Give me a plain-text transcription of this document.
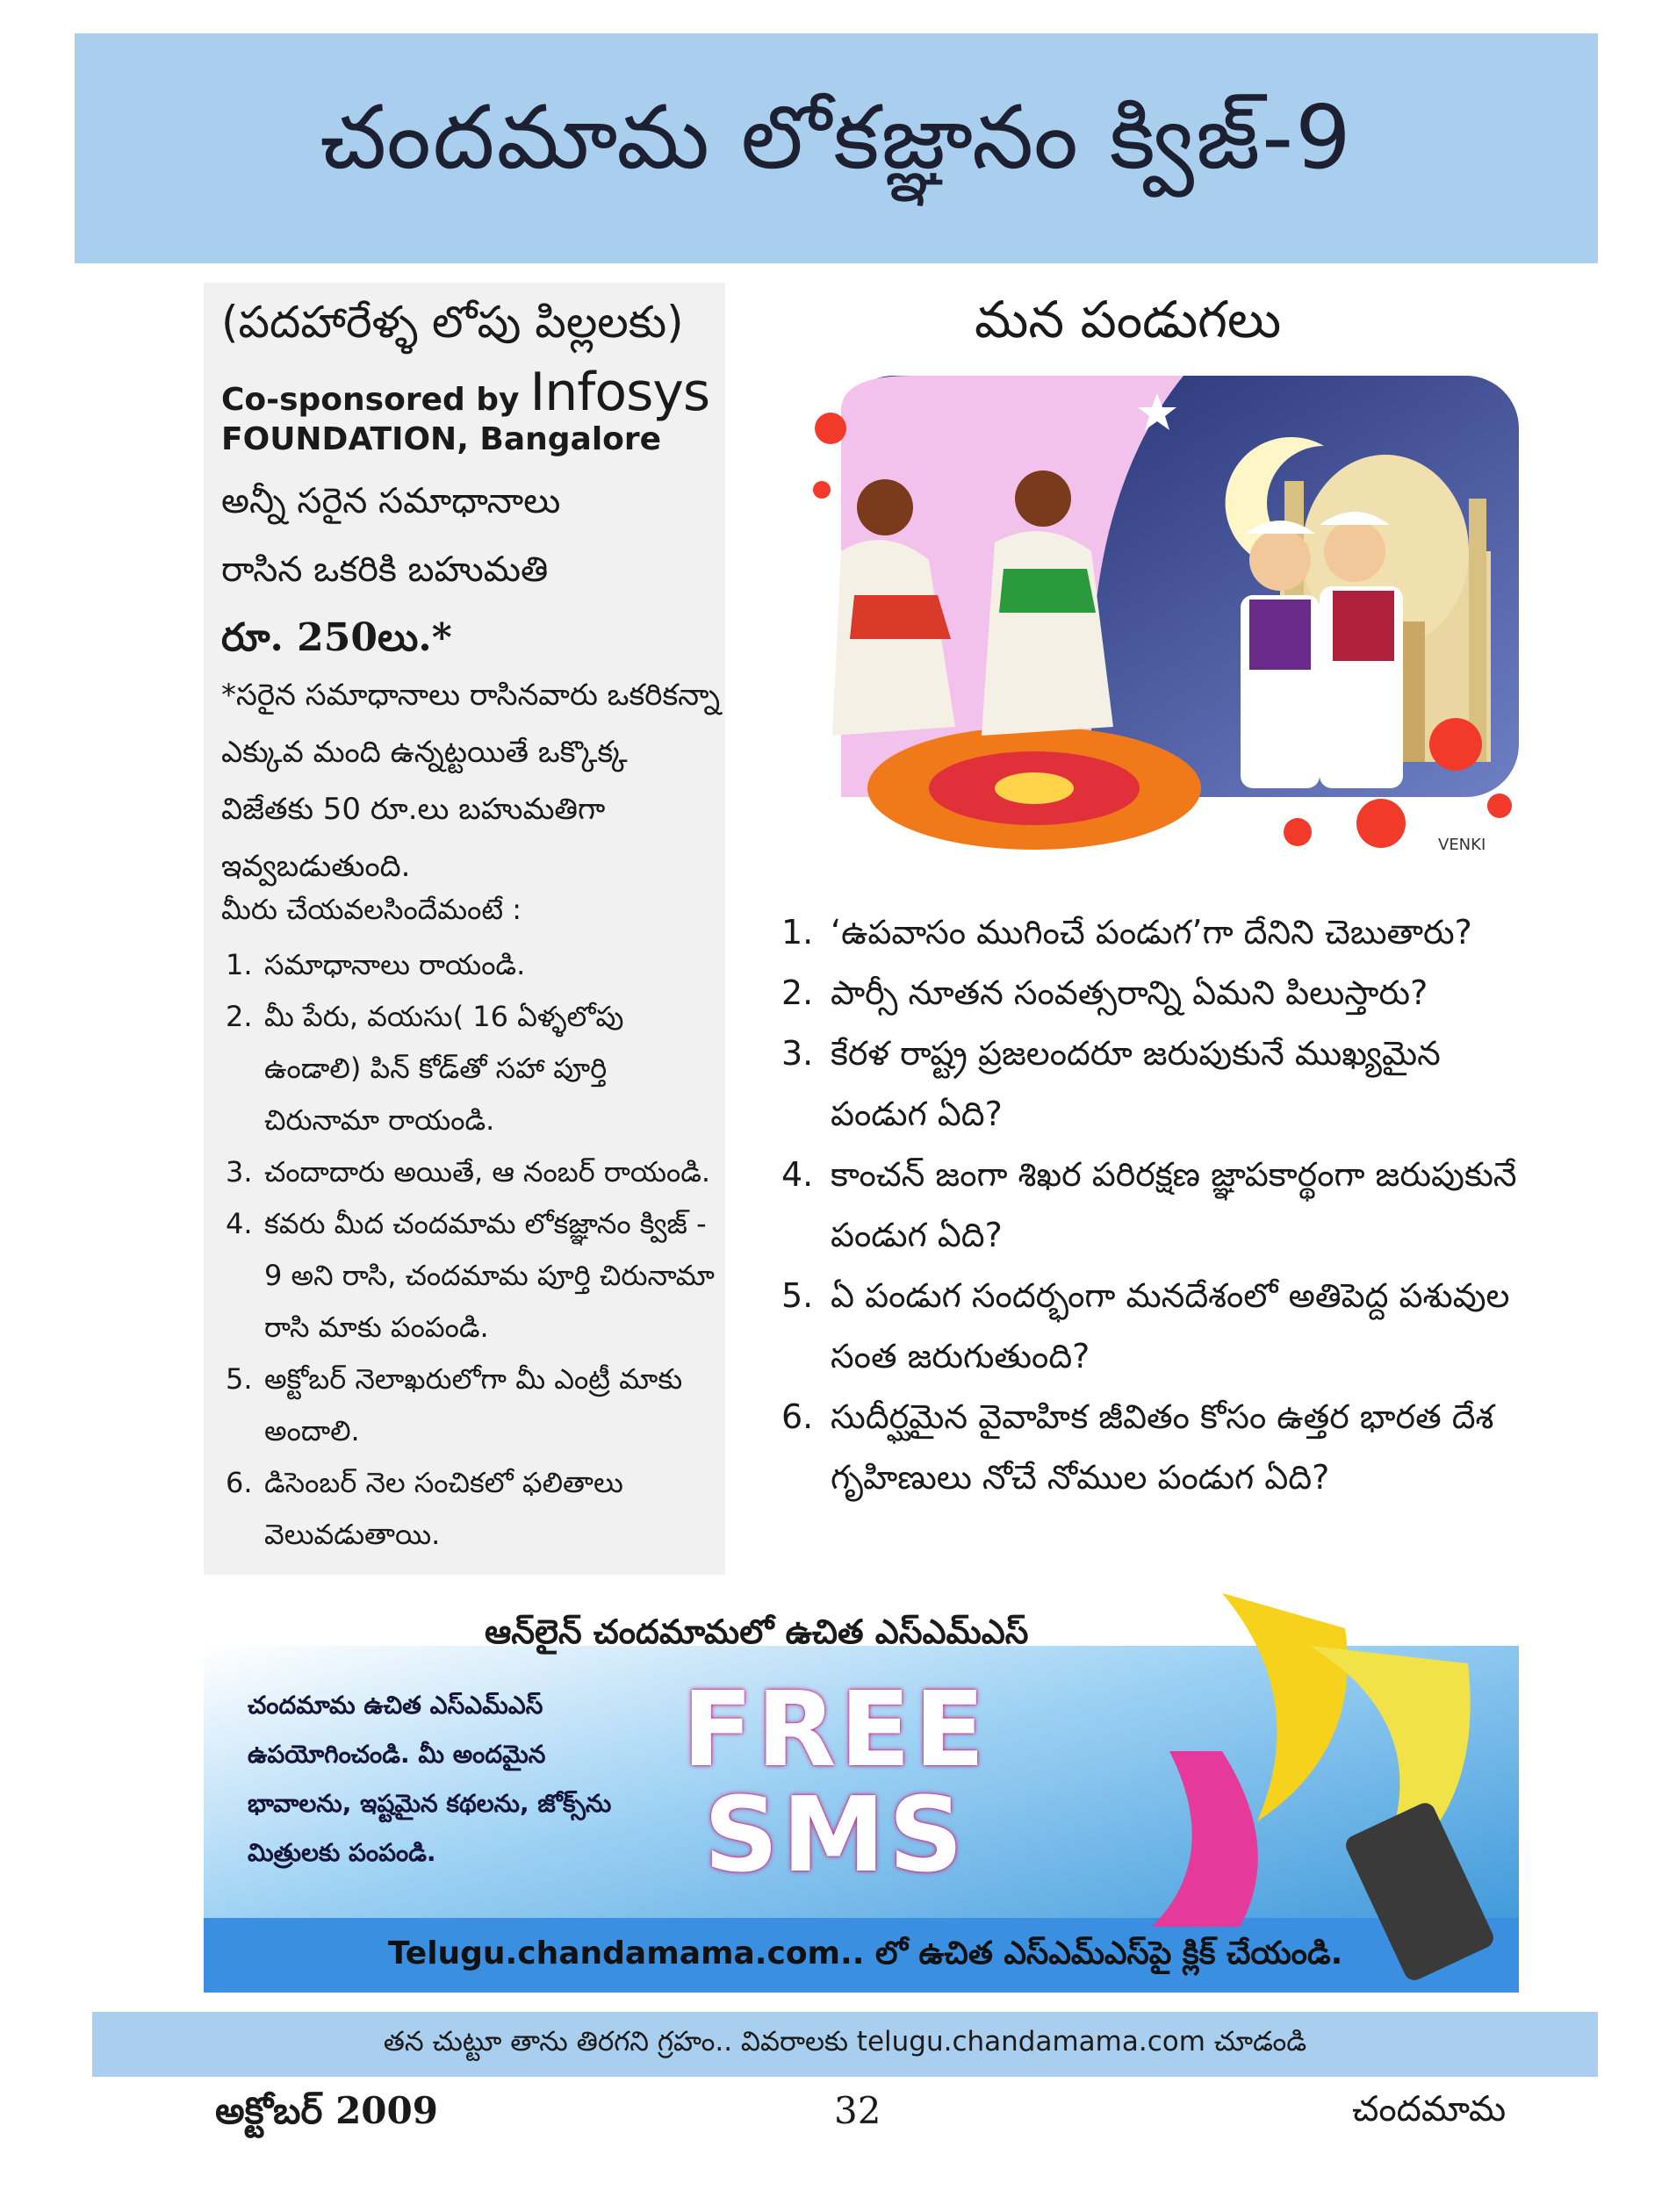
చందమామ లోకజ్ఞానం క్విజ్-9
(పదహారేళ్ళ లోపు పిల్లలకు)
Co-sponsored by Infosys
FOUNDATION, Bangalore
అన్నీ సరైన సమాధానాలు
రాసిన ఒకరికి బహుమతి
రూ. 250లు.*
*సరైన సమాధానాలు రాసినవారు ఒకరికన్నా ఎక్కువ మంది ఉన్నట్టయితే ఒక్కొక్క విజేతకు 50 రూ.లు బహుమతిగా ఇవ్వబడుతుంది.
మీరు చేయవలసిందేమంటే :
1. సమాధానాలు రాయండి.
2. మీ పేరు, వయసు( 16 ఏళ్ళలోపు ఉండాలి) పిన్ కోడ్‌తో సహా పూర్తి చిరునామా రాయండి.
3. చందాదారు అయితే, ఆ నంబర్ రాయండి.
4. కవరు మీద చందమామ లోకజ్ఞానం క్విజ్ - 9 అని రాసి, చందమామ పూర్తి చిరునామా రాసి మాకు పంపండి.
5. అక్టోబర్ నెలాఖరులోగా మీ ఎంట్రీ మాకు అందాలి.
6. డిసెంబర్ నెల సంచికలో ఫలితాలు వెలువడుతాయి.
మన పండుగలు
VENKI
1. ‘ఉపవాసం ముగించే పండుగ’గా దేనిని చెబుతారు?
2. పార్సీ నూతన సంవత్సరాన్ని ఏమని పిలుస్తారు?
3. కేరళ రాష్ట్ర ప్రజలందరూ జరుపుకునే ముఖ్యమైన పండుగ ఏది?
4. కాంచన్ జంగా శిఖర పరిరక్షణ జ్ఞాపకార్థంగా జరుపుకునే పండుగ ఏది?
5. ఏ పండుగ సందర్భంగా మనదేశంలో అతిపెద్ద పశువుల సంత జరుగుతుంది?
6. సుదీర్ఘమైన వైవాహిక జీవితం కోసం ఉత్తర భారత దేశ గృహిణులు నోచే నోముల పండుగ ఏది?
ఆన్‌లైన్ చందమామలో ఉచిత ఎస్‌ఎమ్‌ఎస్
చందమామ ఉచిత ఎస్‌ఎమ్‌ఎస్ ఉపయోగించండి. మీ అందమైన భావాలను, ఇష్టమైన కథలను, జోక్స్‌ను మిత్రులకు పంపండి.
FREE
SMS
Telugu.chandamama.com.. లో ఉచిత ఎస్‌ఎమ్‌ఎస్‌పై క్లిక్ చేయండి.
తన చుట్టూ తాను తిరగని గ్రహం.. వివరాలకు telugu.chandamama.com చూడండి
అక్టోబర్ 2009	32	చందమామ
